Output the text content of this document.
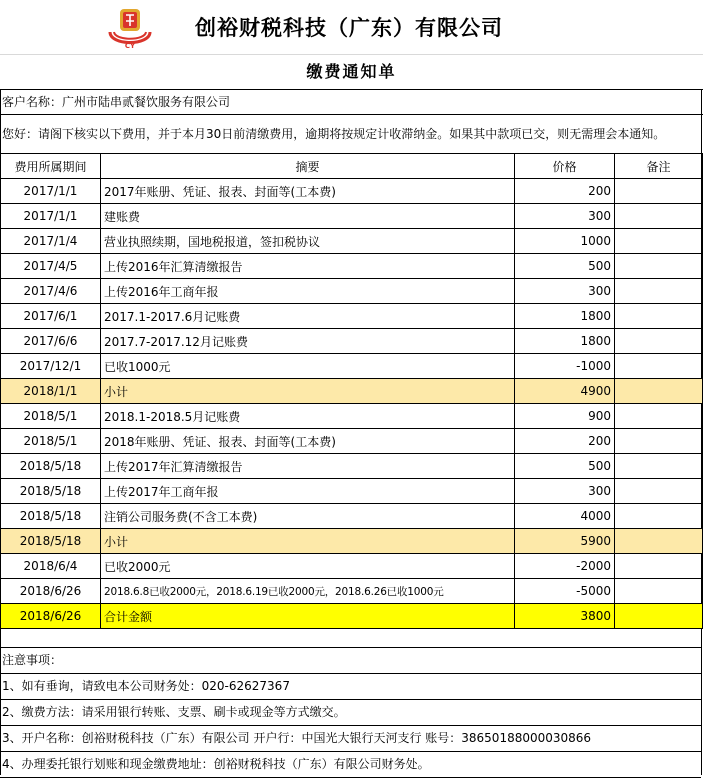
CY
创裕财税科技（广东）有限公司
缴费通知单
客户名称：广州市陆串贰餐饮服务有限公司
您好：请阁下核实以下费用，并于本月30日前清缴费用，逾期将按规定计收滞纳金。如果其中款项已交，则无需理会本通知。
费用所属期间	摘要	价格	备注
2017/1/1	2017年账册、凭证、报表、封面等(工本费)	200	
2017/1/1	建账费	300	
2017/1/4	营业执照续期，国地税报道，签扣税协议	1000	
2017/4/5	上传2016年汇算清缴报告	500	
2017/4/6	上传2016年工商年报	300	
2017/6/1	2017.1-2017.6月记账费	1800	
2017/6/6	2017.7-2017.12月记账费	1800	
2017/12/1	已收1000元	-1000	
2018/1/1	小计	4900	
2018/5/1	2018.1-2018.5月记账费	900	
2018/5/1	2018年账册、凭证、报表、封面等(工本费)	200	
2018/5/18	上传2017年汇算清缴报告	500	
2018/5/18	上传2017年工商年报	300	
2018/5/18	注销公司服务费(不含工本费)	4000	
2018/5/18	小计	5900	
2018/6/4	已收2000元	-2000	
2018/6/26	2018.6.8已收2000元，2018.6.19已收2000元，2018.6.26已收1000元	-5000	
2018/6/26	合计金额	3800	
注意事项：
1、如有垂询，请致电本公司财务处：020-62627367
2、缴费方法：请采用银行转账、支票、刷卡或现金等方式缴交。
3、开户名称：创裕财税科技（广东）有限公司 开户行：中国光大银行天河支行 账号：38650188000030866
4、办理委托银行划账和现金缴费地址：创裕财税科技（广东）有限公司财务处。
